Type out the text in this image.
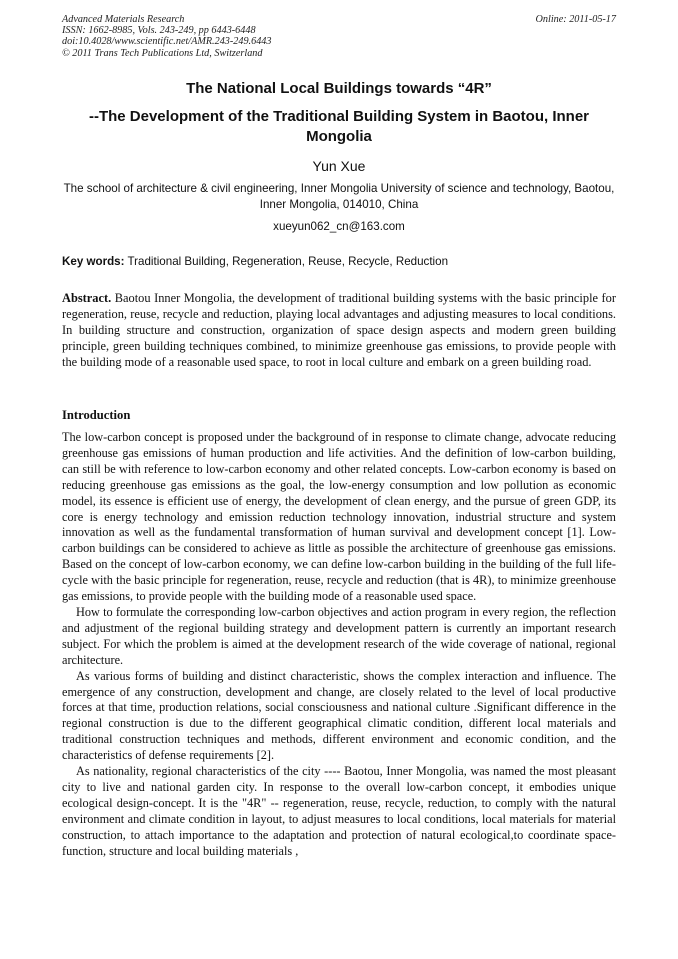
Advanced Materials Research
ISSN: 1662-8985, Vols. 243-249, pp 6443-6448
doi:10.4028/www.scientific.net/AMR.243-249.6443
© 2011 Trans Tech Publications Ltd, Switzerland
Online: 2011-05-17
The National Local Buildings towards “4R”
--The Development of the Traditional Building System in Baotou, Inner Mongolia
Yun Xue
The school of architecture & civil engineering, Inner Mongolia University of science and technology, Baotou, Inner Mongolia, 014010, China
xueyun062_cn@163.com
Key words: Traditional Building, Regeneration, Reuse, Recycle, Reduction
Abstract. Baotou Inner Mongolia, the development of traditional building systems with the basic principle for regeneration, reuse, recycle and reduction, playing local advantages and adjusting measures to local conditions. In building structure and construction, organization of space design aspects and modern green building principle, green building techniques combined, to minimize greenhouse gas emissions, to provide people with the building mode of a reasonable used space, to root in local culture and embark on a green building road.
Introduction

The low-carbon concept is proposed under the background of in response to climate change, advocate reducing greenhouse gas emissions of human production and life activities. And the definition of low-carbon building, can still be with reference to low-carbon economy and other related concepts. Low-carbon economy is based on reducing greenhouse gas emissions as the goal, the low-energy consumption and low pollution as economic model, its essence is efficient use of energy, the development of clean energy, and the pursue of green GDP, its core is energy technology and emission reduction technology innovation, industrial structure and system innovation as well as the fundamental transformation of human survival and development concept [1]. Low-carbon buildings can be considered to achieve as little as possible the architecture of greenhouse gas emissions. Based on the concept of low-carbon economy, we can define low-carbon building in the building of the full life-cycle with the basic principle for regeneration, reuse, recycle and reduction (that is 4R), to minimize greenhouse gas emissions, to provide people with the building mode of a reasonable used space.

How to formulate the corresponding low-carbon objectives and action program in every region, the reflection and adjustment of the regional building strategy and development pattern is currently an important research subject. For which the problem is aimed at the development research of the wide coverage of national, regional architecture.

As various forms of building and distinct characteristic, shows the complex interaction and influence. The emergence of any construction, development and change, are closely related to the level of local productive forces at that time, production relations, social consciousness and national culture .Significant difference in the regional construction is due to the different geographical climatic condition, different local materials and traditional construction techniques and methods, different environment and economic condition, and the characteristics of defense requirements [2].

As nationality, regional characteristics of the city ---- Baotou, Inner Mongolia, was named the most pleasant city to live and national garden city. In response to the overall low-carbon concept, it embodies unique ecological design-concept. It is the "4R" -- regeneration, reuse, recycle, reduction, to comply with the natural environment and climate condition in layout, to adjust measures to local conditions, local materials for material construction, to attach importance to the adaptation and protection of natural ecological,to coordinate space-function, structure and local building materials ,
